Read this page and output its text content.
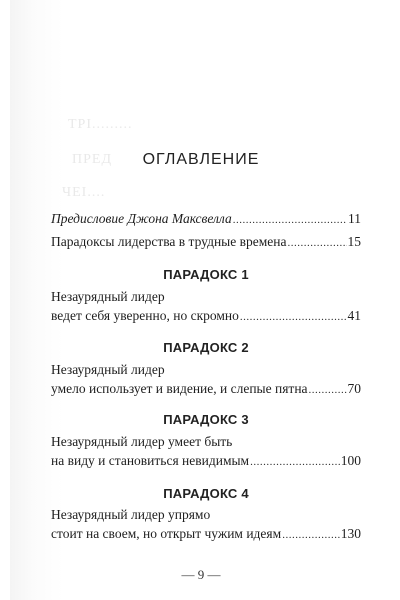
ТРІ.........
ПРЕД
ЧЕІ....
ОГЛАВЛЕНИЕ
Предисловие Джона Максвелла .....	11
Парадоксы лидерства в трудные времена .....	15
ПАРАДОКС 1
Незаурядный лидер
ведет себя уверенно, но скромно .....	41
ПАРАДОКС 2
Незаурядный лидер
умело использует и видение, и слепые пятна .....	70
ПАРАДОКС 3
Незаурядный лидер умеет быть
на виду и становиться невидимым .....	100
ПАРАДОКС 4
Незаурядный лидер упрямо
стоит на своем, но открыт чужим идеям .....	130
— 9 —
